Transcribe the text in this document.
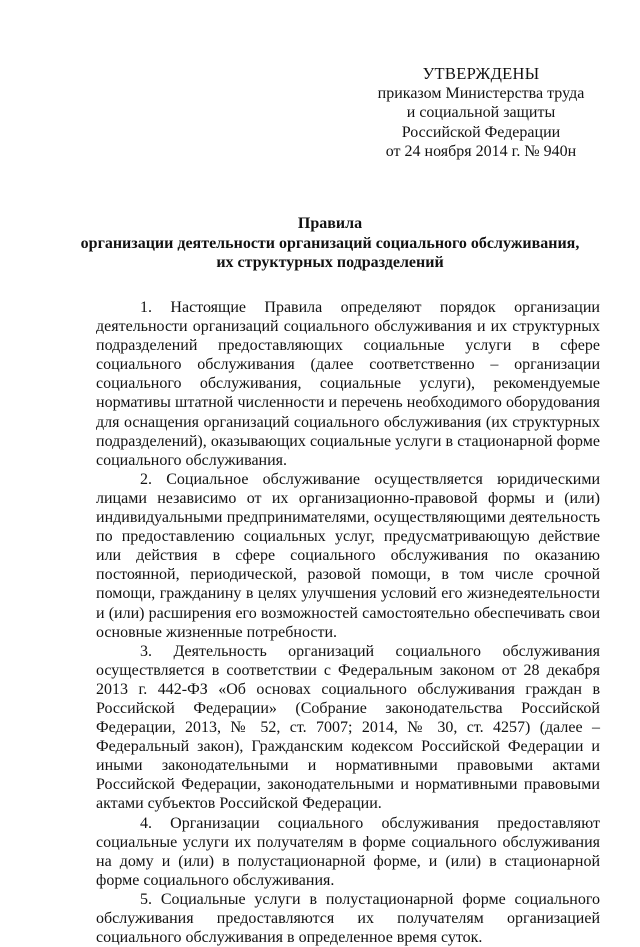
УТВЕРЖДЕНЫ
приказом Министерства труда
и социальной защиты
Российской Федерации
от 24 ноября 2014 г. № 940н
Правила
организации деятельности организаций социального обслуживания,
их структурных подразделений

1. Настоящие Правила определяют порядок организации деятельности организаций социального обслуживания и их структурных подразделений предоставляющих социальные услуги в сфере социального обслуживания (далее соответственно – организации социального обслуживания, социальные услуги), рекомендуемые нормативы штатной численности и перечень необходимого оборудования для оснащения организаций социального обслуживания (их структурных подразделений), оказывающих социальные услуги в стационарной форме социального обслуживания.

2. Социальное обслуживание осуществляется юридическими лицами независимо от их организационно-правовой формы и (или) индивидуальными предпринимателями, осуществляющими деятельность по предоставлению социальных услуг, предусматривающую действие или действия в сфере социального обслуживания по оказанию постоянной, периодической, разовой помощи, в том числе срочной помощи, гражданину в целях улучшения условий его жизнедеятельности и (или) расширения его возможностей самостоятельно обеспечивать свои основные жизненные потребности.

3. Деятельность организаций социального обслуживания осуществляется в соответствии с Федеральным законом от 28 декабря 2013 г. 442-ФЗ «Об основах социального обслуживания граждан в Российской Федерации» (Собрание законодательства Российской Федерации, 2013, № 52, ст. 7007; 2014, № 30, ст. 4257) (далее – Федеральный закон), Гражданским кодексом Российской Федерации и иными законодательными и нормативными правовыми актами Российской Федерации, законодательными и нормативными правовыми актами субъектов Российской Федерации.

4. Организации социального обслуживания предоставляют социальные услуги их получателям в форме социального обслуживания на дому и (или) в полустационарной форме, и (или) в стационарной форме социального обслуживания.

5. Социальные услуги в полустационарной форме социального обслуживания предоставляются их получателям организацией социального обслуживания в определенное время суток.
